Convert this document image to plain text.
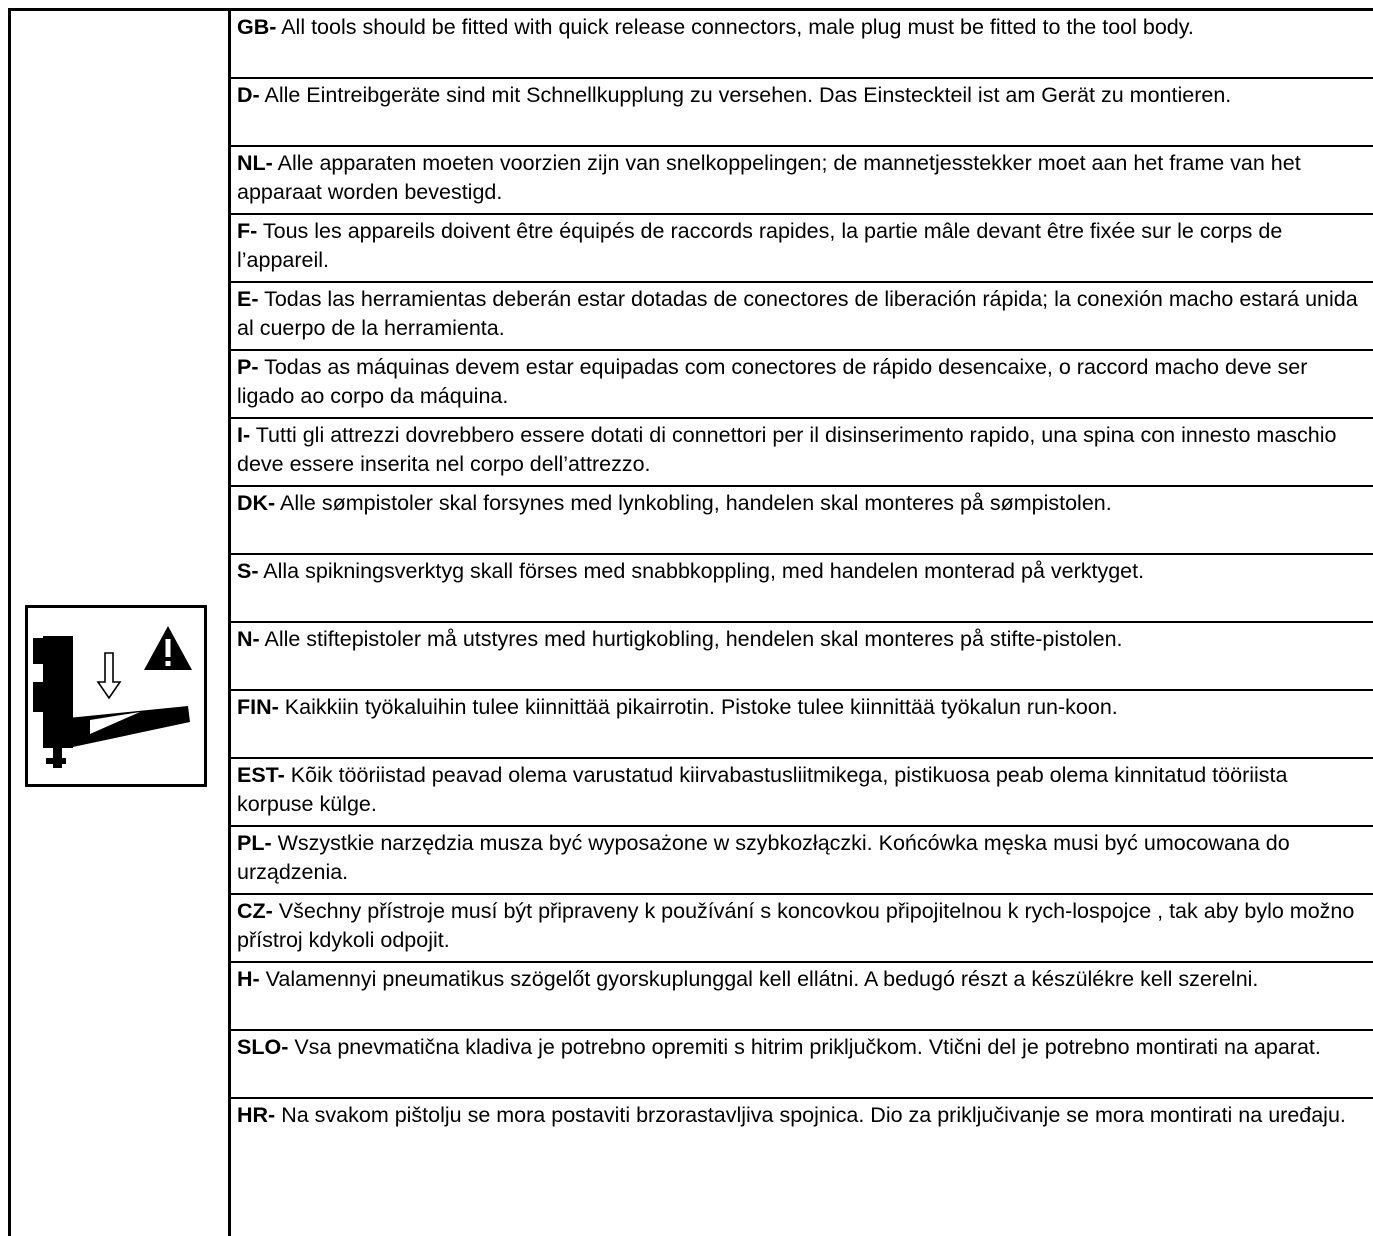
GB- All tools should be fitted with quick release connectors, male plug must be fitted to the tool body.
D- Alle Eintreibgeräte sind mit Schnellkupplung zu versehen. Das Einsteckteil ist am Gerät zu montieren.
NL- Alle apparaten moeten voorzien zijn van snelkoppelingen; de mannetjesstekker moet aan het frame van het apparaat worden bevestigd.
F- Tous les appareils doivent être équipés de raccords rapides, la partie mâle devant être fixée sur le corps de l’appareil.
E- Todas las herramientas deberán estar dotadas de conectores de liberación rápida; la conexión macho estará unida al cuerpo de la herramienta.
P- Todas as máquinas devem estar equipadas com conectores de rápido desencaixe, o raccord macho deve ser ligado ao corpo da máquina.
I- Tutti gli attrezzi dovrebbero essere dotati di connettori per il disinserimento rapido, una spina con innesto maschio deve essere inserita nel corpo dell’attrezzo.
DK- Alle sømpistoler skal forsynes med lynkobling, handelen skal monteres på sømpistolen.
S- Alla spikningsverktyg skall förses med snabbkoppling, med handelen monterad på verktyget.
N- Alle stiftepistoler må utstyres med hurtigkobling, hendelen skal monteres på stifte-pistolen.
FIN- Kaikkiin työkaluihin tulee kiinnittää pikairrotin. Pistoke tulee kiinnittää työkalun run-koon.
EST- Kõik tööriistad peavad olema varustatud kiirvabastusliitmikega, pistikuosa peab olema kinnitatud tööriista korpuse külge.
PL- Wszystkie narzędzia musza być wyposażone w szybkozłączki. Końcówka męska musi być umocowana do urządzenia.
CZ- Všechny přístroje musí být připraveny k používání s koncovkou připojitelnou k rych-lospojce , tak aby bylo možno přístroj kdykoli odpojit.
H- Valamennyi pneumatikus szögelőt gyorskuplunggal kell ellátni. A bedugó részt a készülékre kell szerelni.
SLO- Vsa pnevmatična kladiva je potrebno opremiti s hitrim priključkom. Vtični del je potrebno montirati na aparat.
HR- Na svakom pištolju se mora postaviti brzorastavljiva spojnica. Dio za priključivanje se mora montirati na uređaju.
